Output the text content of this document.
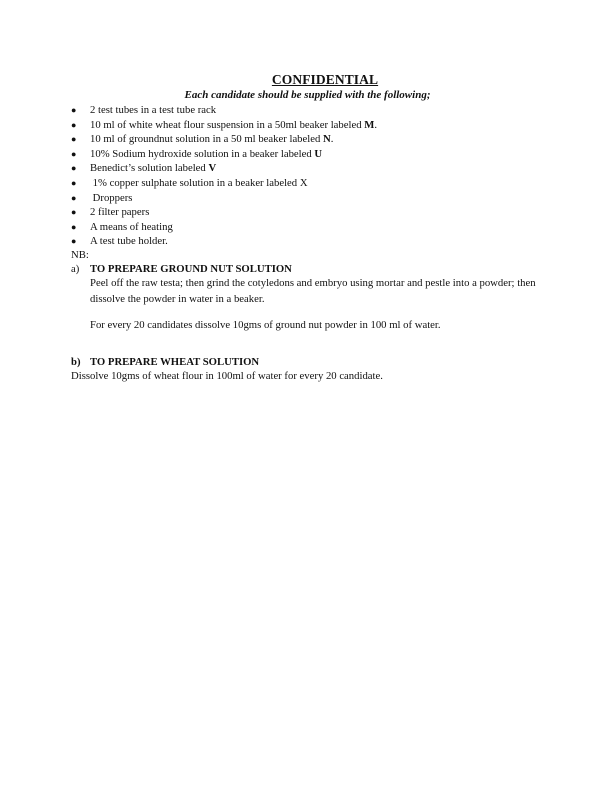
CONFIDENTIAL
Each candidate should be supplied with the following;
● 2 test tubes in a test tube rack
● 10 ml of white wheat flour suspension in a 50ml beaker labeled M.
● 10 ml of groundnut solution in a 50 ml beaker labeled N.
● 10% Sodium hydroxide solution in a beaker labeled U
● Benedict’s solution labeled V
● 1% copper sulphate solution in a beaker labeled X
● Droppers
● 2 filter papers
● A means of heating
● A test tube holder.
NB:
a) TO PREPARE GROUND NUT SOLUTION
Peel off the raw testa; then grind the cotyledons and embryo using mortar and pestle into a powder; then dissolve the powder in water in a beaker.
For every 20 candidates dissolve 10gms of ground nut powder in 100 ml of water.
b) TO PREPARE WHEAT SOLUTION
Dissolve 10gms of wheat flour in 100ml of water for every 20 candidate.
